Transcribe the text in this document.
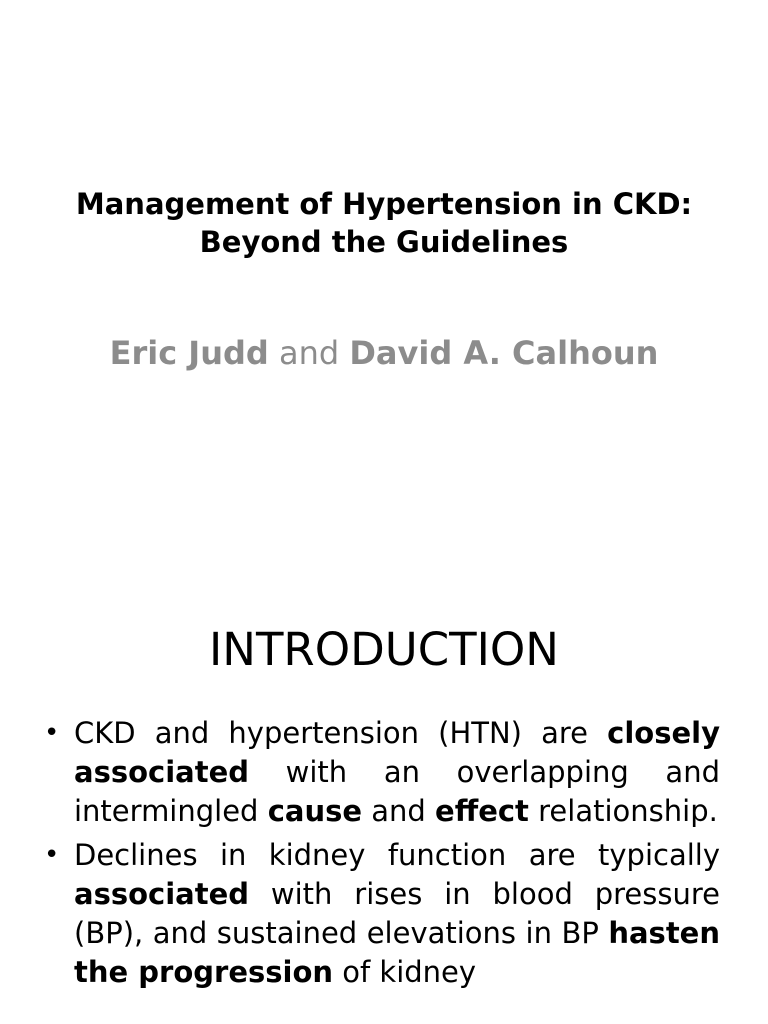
Management of Hypertension in CKD: Beyond the Guidelines
Eric Judd and David A. Calhoun
INTRODUCTION
• CKD and hypertension (HTN) are closely associated with an overlapping and intermingled cause and effect relationship.
• Declines in kidney function are typically associated with rises in blood pressure (BP), and sustained elevations in BP hasten the progression of kidney
